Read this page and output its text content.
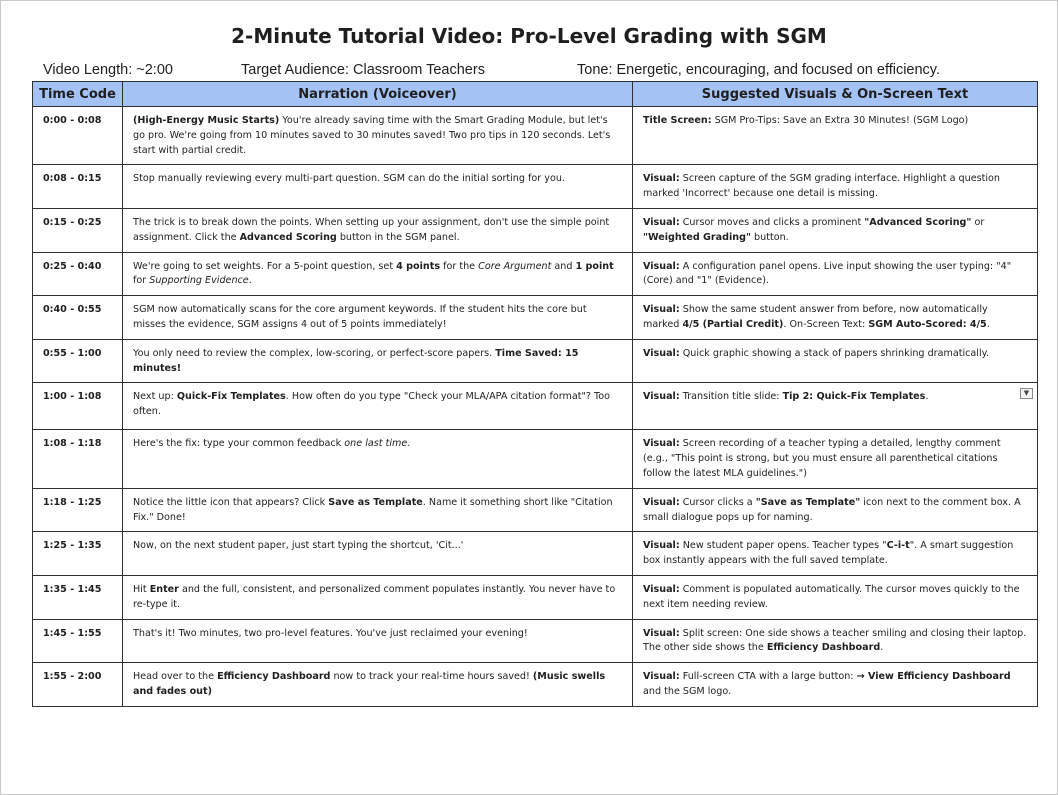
2-Minute Tutorial Video: Pro-Level Grading with SGM
Video Length: ~2:00	Target Audience: Classroom Teachers	Tone: Energetic, encouraging, and focused on efficiency.
Time Code	Narration (Voiceover)	Suggested Visuals & On-Screen Text
0:00 - 0:08	(High-Energy Music Starts) You're already saving time with the Smart Grading Module, but let's go pro. We're going from 10 minutes saved to 30 minutes saved! Two pro tips in 120 seconds. Let's start with partial credit.	Title Screen: SGM Pro-Tips: Save an Extra 30 Minutes! (SGM Logo)
0:08 - 0:15	Stop manually reviewing every multi-part question. SGM can do the initial sorting for you.	Visual: Screen capture of the SGM grading interface. Highlight a question marked 'Incorrect' because one detail is missing.
0:15 - 0:25	The trick is to break down the points. When setting up your assignment, don't use the simple point assignment. Click the Advanced Scoring button in the SGM panel.	Visual: Cursor moves and clicks a prominent "Advanced Scoring" or "Weighted Grading" button.
0:25 - 0:40	We're going to set weights. For a 5-point question, set 4 points for the Core Argument and 1 point for Supporting Evidence.	Visual: A configuration panel opens. Live input showing the user typing: "4" (Core) and "1" (Evidence).
0:40 - 0:55	SGM now automatically scans for the core argument keywords. If the student hits the core but misses the evidence, SGM assigns 4 out of 5 points immediately!	Visual: Show the same student answer from before, now automatically marked 4/5 (Partial Credit). On-Screen Text: SGM Auto-Scored: 4/5.
0:55 - 1:00	You only need to review the complex, low-scoring, or perfect-score papers. Time Saved: 15 minutes!	Visual: Quick graphic showing a stack of papers shrinking dramatically.
1:00 - 1:08	Next up: Quick-Fix Templates. How often do you type "Check your MLA/APA citation format"? Too often.	Visual: Transition title slide: Tip 2: Quick-Fix Templates. ▼

1:08 - 1:18	Here's the fix: type your common feedback one last time.	Visual: Screen recording of a teacher typing a detailed, lengthy comment (e.g., "This point is strong, but you must ensure all parenthetical citations follow the latest MLA guidelines.")
1:18 - 1:25	Notice the little icon that appears? Click Save as Template. Name it something short like "Citation Fix." Done!	Visual: Cursor clicks a "Save as Template" icon next to the comment box. A small dialogue pops up for naming.
1:25 - 1:35	Now, on the next student paper, just start typing the shortcut, 'Cit...'	Visual: New student paper opens. Teacher types "C-i-t". A smart suggestion box instantly appears with the full saved template.
1:35 - 1:45	Hit Enter and the full, consistent, and personalized comment populates instantly. You never have to re-type it.	Visual: Comment is populated automatically. The cursor moves quickly to the next item needing review.
1:45 - 1:55	That's it! Two minutes, two pro-level features. You've just reclaimed your evening!	Visual: Split screen: One side shows a teacher smiling and closing their laptop. The other side shows the Efficiency Dashboard.
1:55 - 2:00	Head over to the Efficiency Dashboard now to track your real-time hours saved! (Music swells and fades out)	Visual: Full-screen CTA with a large button: → View Efficiency Dashboard and the SGM logo.
